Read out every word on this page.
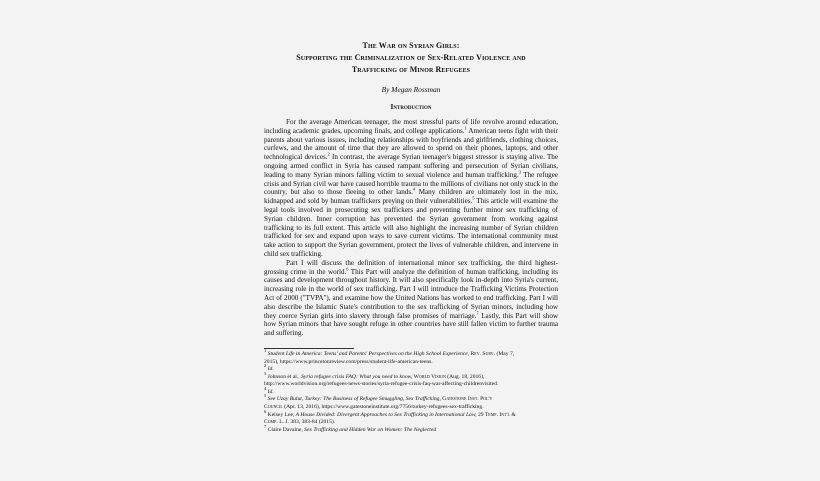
The War on Syrian Girls:
Supporting the Criminalization of Sex-Related Violence and
Trafficking of Minor Refugees
By Megan Rossman
Introduction

For the average American teenager, the most stressful parts of life revolve around education, including academic grades, upcoming finals, and college applications.$^1$ American teens fight with their parents about various issues, including relationships with boyfriends and girlfriends, clothing choices, curfews, and the amount of time that they are allowed to spend on their phones, laptops, and other technological devices.$^2$ In contrast, the average Syrian teenager's biggest stressor is staying alive. The ongoing armed conflict in Syria has caused rampant suffering and persecution of Syrian civilians, leading to many Syrian minors falling victim to sexual violence and human trafficking.$^3$ The refugee crisis and Syrian civil war have caused horrible trauma to the millions of civilians not only stuck in the country, but also to those fleeing to other lands.$^4$ Many children are ultimately lost in the mix, kidnapped and sold by human traffickers preying on their vulnerabilities.$^5$ This article will examine the legal tools involved in prosecuting sex traffickers and preventing further minor sex trafficking of Syrian children. Inner corruption has prevented the Syrian government from working against trafficking to its full extent. This article will also highlight the increasing number of Syrian children trafficked for sex and expand upon ways to save current victims. The international community must take action to support the Syrian government, protect the lives of vulnerable children, and intervene in child sex trafficking.

Part I will discuss the definition of international minor sex trafficking, the third highest-grossing crime in the world.$^6$ This Part will analyze the definition of human trafficking, including its causes and development throughout history. It will also specifically look in-depth into Syria's current, increasing role in the world of sex trafficking. Part I will introduce the Trafficking Victims Protection Act of 2000 ("TVPA"), and examine how the United Nations has worked to end trafficking. Part I will also describe the Islamic State's contribution to the sex trafficking of Syrian minors, including how they coerce Syrian girls into slavery through false promises of marriage.$^7$ Lastly, this Part will show how Syrian minors that have sought refuge in other countries have still fallen victim to further trauma and suffering.

$^1$ Student Life in America: Teens' and Parents' Perspectives on the High School Experience, Rev. Surv. (May 7,
2015), https://www.princetonreview.com/press/student-life-american-teens.
$^2$ Id.
$^3$ Johnson et al., Syria refugee crisis FAQ: What you need to know, World Vision (Aug. 18, 2016),
http://www.worldvision.org/refugees-news-stories/syria-refugee-crisis-faq-war-affecting-childrenvisited.
$^4$ Id.
$^5$ See Uzay Bulut, Turkey: The Business of Refugee Smuggling, Sex Trafficking, Gatestone Inst. Pol'y
Council (Apr. 13, 2016), https://www.gatestoneinstitute.org/7756/turkey-refugees-sex-trafficking.
$^6$ Kelsey Lee, A House Divided: Divergent Approaches to Sex Trafficking in International Law, 29 Temp. Int'l &
Comp. L. J. 383, 383-84 (2015).
$^7$ Claire Davaine, Sex Trafficking and Hidden War on Women: The Neglected
